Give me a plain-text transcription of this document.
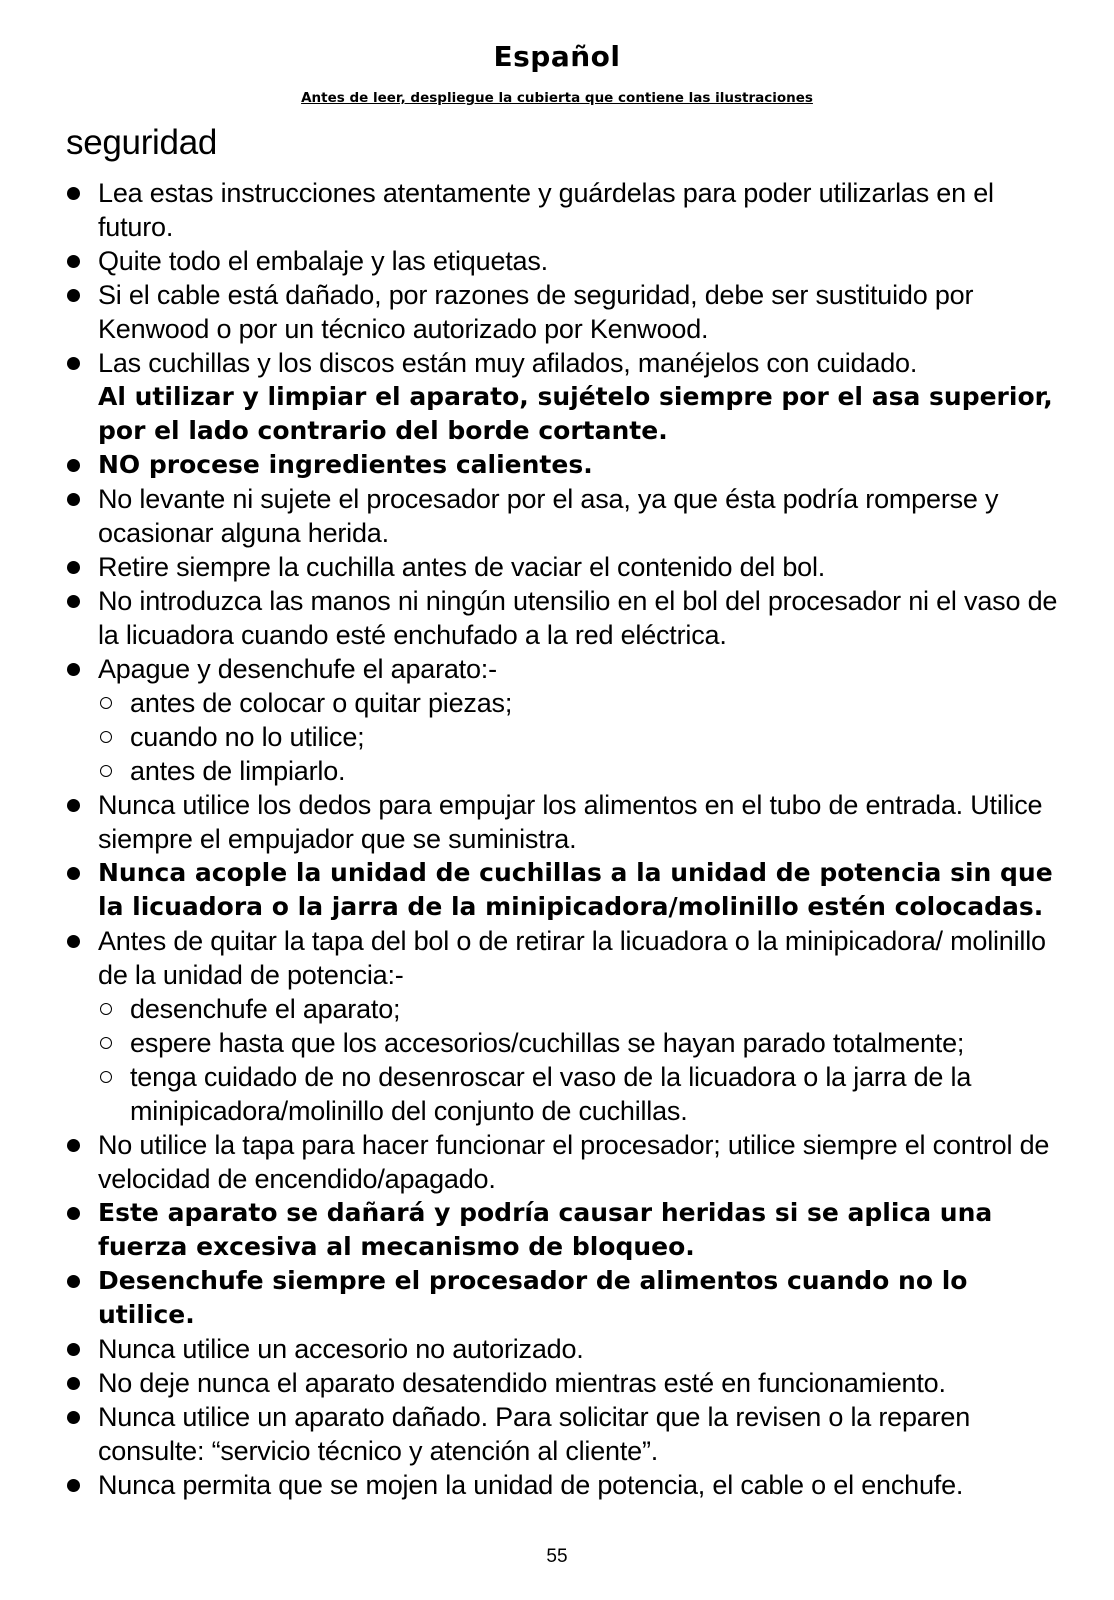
Español
Antes de leer, despliegue la cubierta que contiene las ilustraciones
seguridad
Lea estas instrucciones atentamente y guárdelas para poder utilizarlas en el futuro.
Quite todo el embalaje y las etiquetas.
Si el cable está dañado, por razones de seguridad, debe ser sustituido por Kenwood o por un técnico autorizado por Kenwood.
Las cuchillas y los discos están muy afilados, manéjelos con cuidado.
Al utilizar y limpiar el aparato, sujételo siempre por el asa superior, por el lado contrario del borde cortante.
NO procese ingredientes calientes.
No levante ni sujete el procesador por el asa, ya que ésta podría romperse y ocasionar alguna herida.
Retire siempre la cuchilla antes de vaciar el contenido del bol.
No introduzca las manos ni ningún utensilio en el bol del procesador ni el vaso de la licuadora cuando esté enchufado a la red eléctrica.
Apague y desenchufe el aparato:-
antes de colocar o quitar piezas;
cuando no lo utilice;
antes de limpiarlo.
Nunca utilice los dedos para empujar los alimentos en el tubo de entrada. Utilice siempre el empujador que se suministra.
Nunca acople la unidad de cuchillas a la unidad de potencia sin que la licuadora o la jarra de la minipicadora/molinillo estén colocadas.
Antes de quitar la tapa del bol o de retirar la licuadora o la minipicadora/ molinillo de la unidad de potencia:-
desenchufe el aparato;
espere hasta que los accesorios/cuchillas se hayan parado totalmente;
tenga cuidado de no desenroscar el vaso de la licuadora o la jarra de la minipicadora/molinillo del conjunto de cuchillas.
No utilice la tapa para hacer funcionar el procesador; utilice siempre el control de velocidad de encendido/apagado.
Este aparato se dañará y podría causar heridas si se aplica una fuerza excesiva al mecanismo de bloqueo.
Desenchufe siempre el procesador de alimentos cuando no lo utilice.
Nunca utilice un accesorio no autorizado.
No deje nunca el aparato desatendido mientras esté en funcionamiento.
Nunca utilice un aparato dañado. Para solicitar que la revisen o la reparen consulte: “servicio técnico y atención al cliente”.
Nunca permita que se mojen la unidad de potencia, el cable o el enchufe.
55
